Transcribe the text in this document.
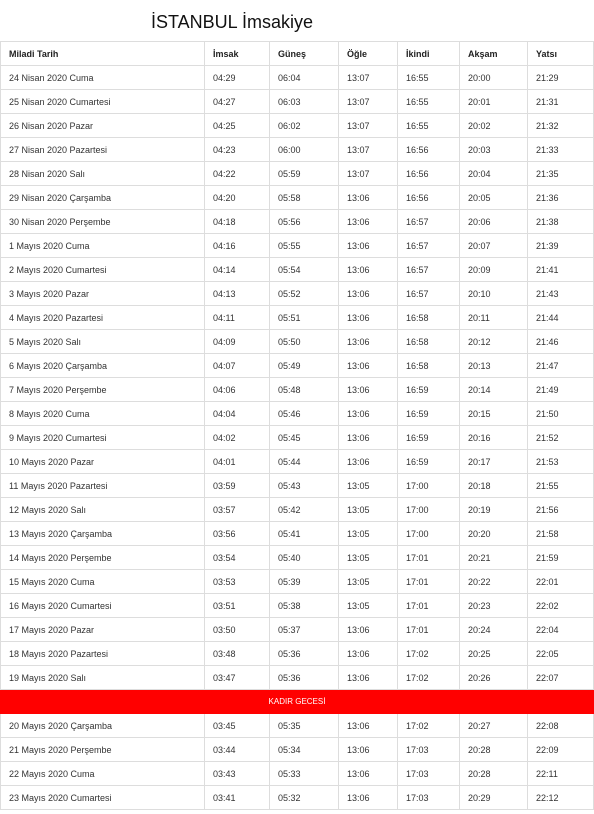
İSTANBUL İmsakiye
Miladi Tarih	İmsak	Güneş	Öğle	İkindi	Akşam	Yatsı
24 Nisan 2020 Cuma	04:29	06:04	13:07	16:55	20:00	21:29
25 Nisan 2020 Cumartesi	04:27	06:03	13:07	16:55	20:01	21:31
26 Nisan 2020 Pazar	04:25	06:02	13:07	16:55	20:02	21:32
27 Nisan 2020 Pazartesi	04:23	06:00	13:07	16:56	20:03	21:33
28 Nisan 2020 Salı	04:22	05:59	13:07	16:56	20:04	21:35
29 Nisan 2020 Çarşamba	04:20	05:58	13:06	16:56	20:05	21:36
30 Nisan 2020 Perşembe	04:18	05:56	13:06	16:57	20:06	21:38
1 Mayıs 2020 Cuma	04:16	05:55	13:06	16:57	20:07	21:39
2 Mayıs 2020 Cumartesi	04:14	05:54	13:06	16:57	20:09	21:41
3 Mayıs 2020 Pazar	04:13	05:52	13:06	16:57	20:10	21:43
4 Mayıs 2020 Pazartesi	04:11	05:51	13:06	16:58	20:11	21:44
5 Mayıs 2020 Salı	04:09	05:50	13:06	16:58	20:12	21:46
6 Mayıs 2020 Çarşamba	04:07	05:49	13:06	16:58	20:13	21:47
7 Mayıs 2020 Perşembe	04:06	05:48	13:06	16:59	20:14	21:49
8 Mayıs 2020 Cuma	04:04	05:46	13:06	16:59	20:15	21:50
9 Mayıs 2020 Cumartesi	04:02	05:45	13:06	16:59	20:16	21:52
10 Mayıs 2020 Pazar	04:01	05:44	13:06	16:59	20:17	21:53
11 Mayıs 2020 Pazartesi	03:59	05:43	13:05	17:00	20:18	21:55
12 Mayıs 2020 Salı	03:57	05:42	13:05	17:00	20:19	21:56
13 Mayıs 2020 Çarşamba	03:56	05:41	13:05	17:00	20:20	21:58
14 Mayıs 2020 Perşembe	03:54	05:40	13:05	17:01	20:21	21:59
15 Mayıs 2020 Cuma	03:53	05:39	13:05	17:01	20:22	22:01
16 Mayıs 2020 Cumartesi	03:51	05:38	13:05	17:01	20:23	22:02
17 Mayıs 2020 Pazar	03:50	05:37	13:06	17:01	20:24	22:04
18 Mayıs 2020 Pazartesi	03:48	05:36	13:06	17:02	20:25	22:05
19 Mayıs 2020 Salı	03:47	05:36	13:06	17:02	20:26	22:07
KADIR GECESİ						
20 Mayıs 2020 Çarşamba	03:45	05:35	13:06	17:02	20:27	22:08
21 Mayıs 2020 Perşembe	03:44	05:34	13:06	17:03	20:28	22:09
22 Mayıs 2020 Cuma	03:43	05:33	13:06	17:03	20:28	22:11
23 Mayıs 2020 Cumartesi	03:41	05:32	13:06	17:03	20:29	22:12
